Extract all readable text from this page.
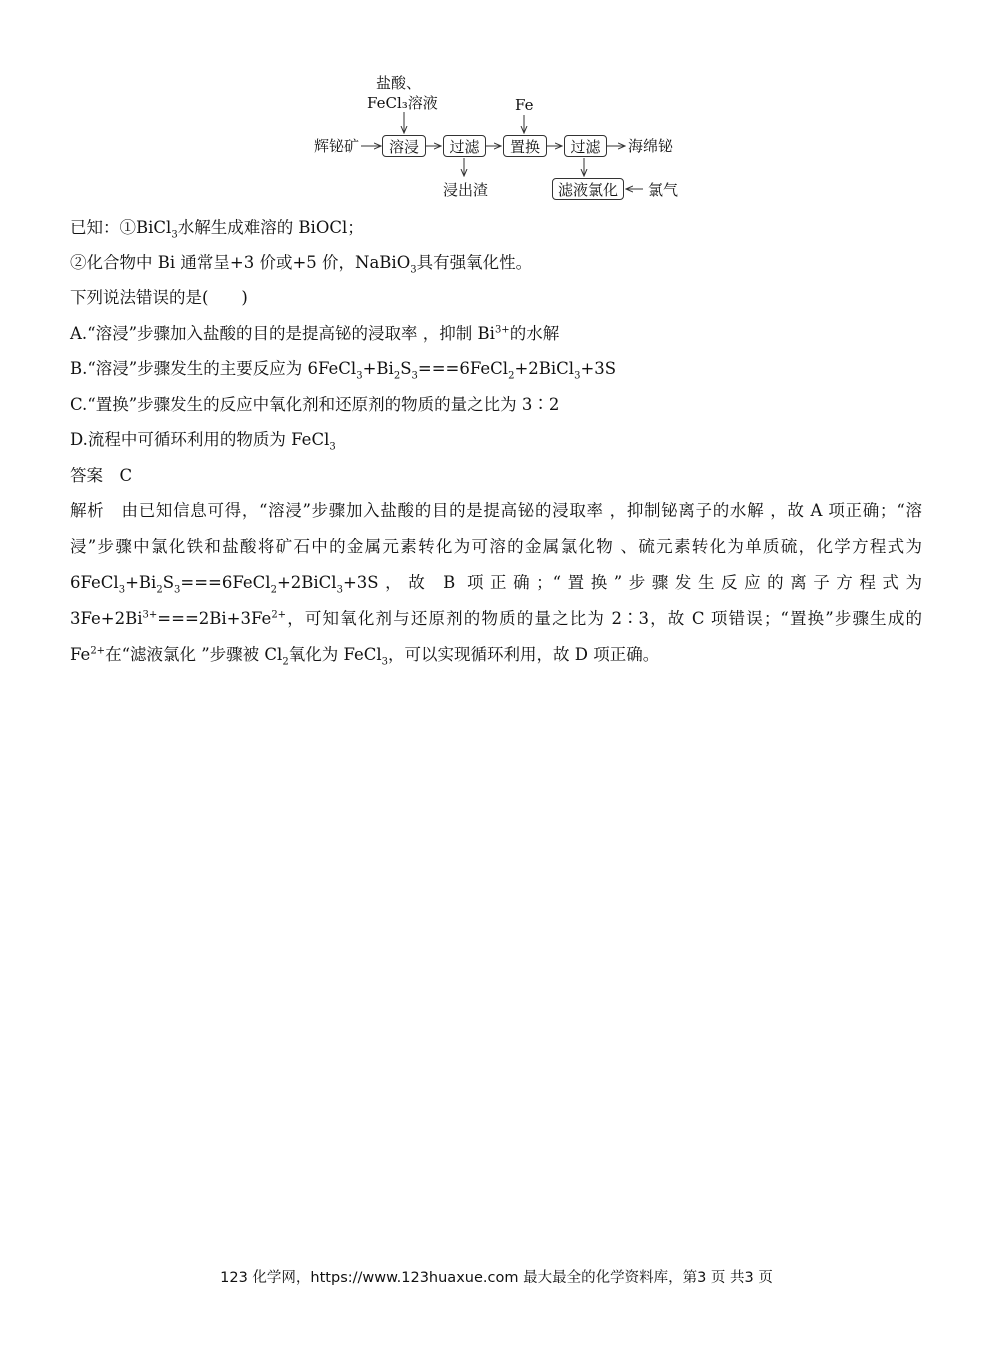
盐酸、
FeCl₃溶液	Fe
辉铋矿	溶浸	过滤	置换	过滤	海绵铋
浸出渣	滤液氯化	氯气
已知：①BiCl$_3$水解生成难溶的 BiOCl；
②化合物中 Bi 通常呈+3 价或+5 价，NaBiO$_3$具有强氧化性。
下列说法错误的是(　　)
A.“溶浸”步骤加入盐酸的目的是提高铋的浸取率 ，抑制 $Bi^{3+}$的水解
B.“溶浸”步骤发生的主要反应为 $6FeCl_3+Bi_2S_3===6FeCl_2+2BiCl_3+3S$
C.“置换”步骤发生的反应中氧化剂和还原剂的物质的量之比为 3∶2
D.流程中可循环利用的物质为 FeCl$_3$
答案　C
解析　由已知信息可得，“溶浸”步骤加入盐酸的目的是提高铋的浸取率 ，抑制铋离子的水解 ，故 A 项正确；“溶浸”步骤中氯化铁和盐酸将矿石中的金属元素转化为可溶的金属氯化物 、硫元素转化为单质硫，化学方程式为 $6FeCl_3+Bi_2S_3===6FeCl_2+2BiCl_3+3S$，故 B 项正确；“置换”步骤发生反应的离子方程式为 $3Fe+2Bi^{3+}===2Bi+3Fe^{2+}$，可知氧化剂与还原剂的物质的量之比为 2∶3，故 C 项错误；“置换”步骤生成的 $Fe^{2+}$在“滤液氯化 ”步骤被 $Cl_2$氧化为 FeCl$_3$，可以实现循环利用，故 D 项正确。
123 化学网，https://www.123huaxue.com 最大最全的化学资料库，第3 页 共3 页
